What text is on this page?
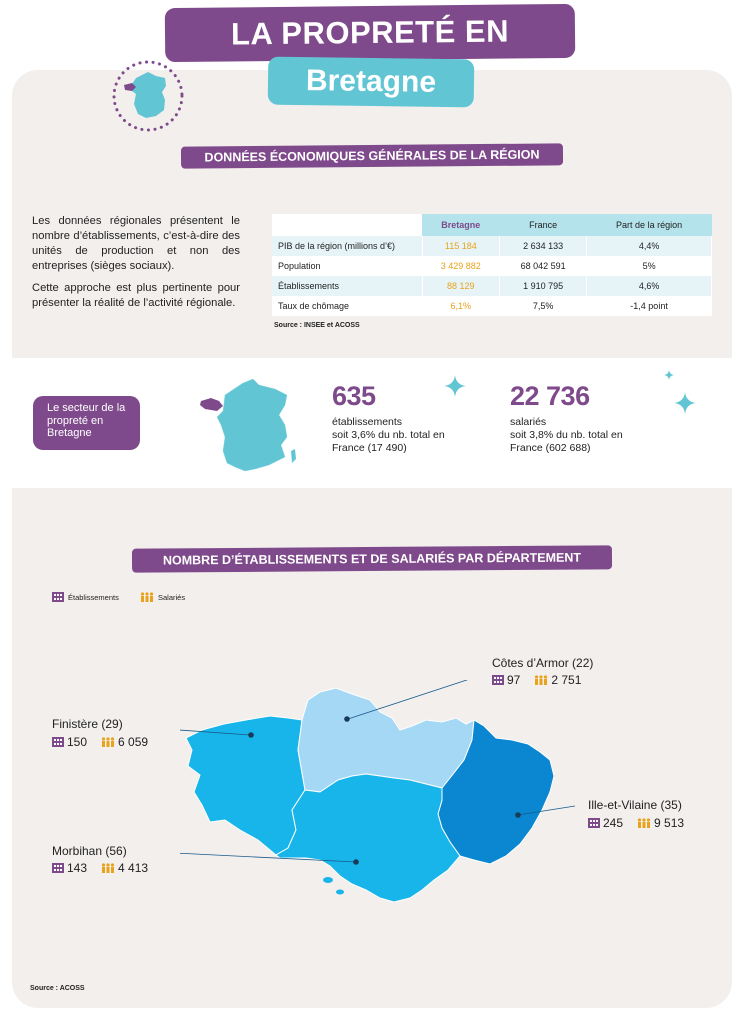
LA PROPRETÉ EN
Bretagne
DONNÉES ÉCONOMIQUES GÉNÉRALES DE LA RÉGION

Les données régionales présentent le nombre d’établissements, c’est-à-dire des unités de production et non des entreprises (sièges sociaux).

Cette approche est plus pertinente pour présenter la réalité de l’activité régionale.

	Bretagne	France	Part de la région
PIB de la région (millions d’€)	115 184	2 634 133	4,4%
Population	3 429 882	68 042 591	5%
Établissements	88 129	1 910 795	4,6%
Taux de chômage	6,1%	7,5%	-1,4 point
Source : INSEE et ACOSS
Le secteur de la propreté en Bretagne
635
établissements
soit 3,6% du nb. total en
France (17 490)
22 736
salariés
soit 3,8% du nb. total en
France (602 688)
NOMBRE D’ÉTABLISSEMENTS ET DE SALARIÉS PAR DÉPARTEMENT
Établissements	Salariés
Côtes d’Armor (22)
97	2 751
Finistère (29)
150	6 059
Ille-et-Vilaine (35)
245	9 513
Morbihan (56)
143	4 413
Source : ACOSS
